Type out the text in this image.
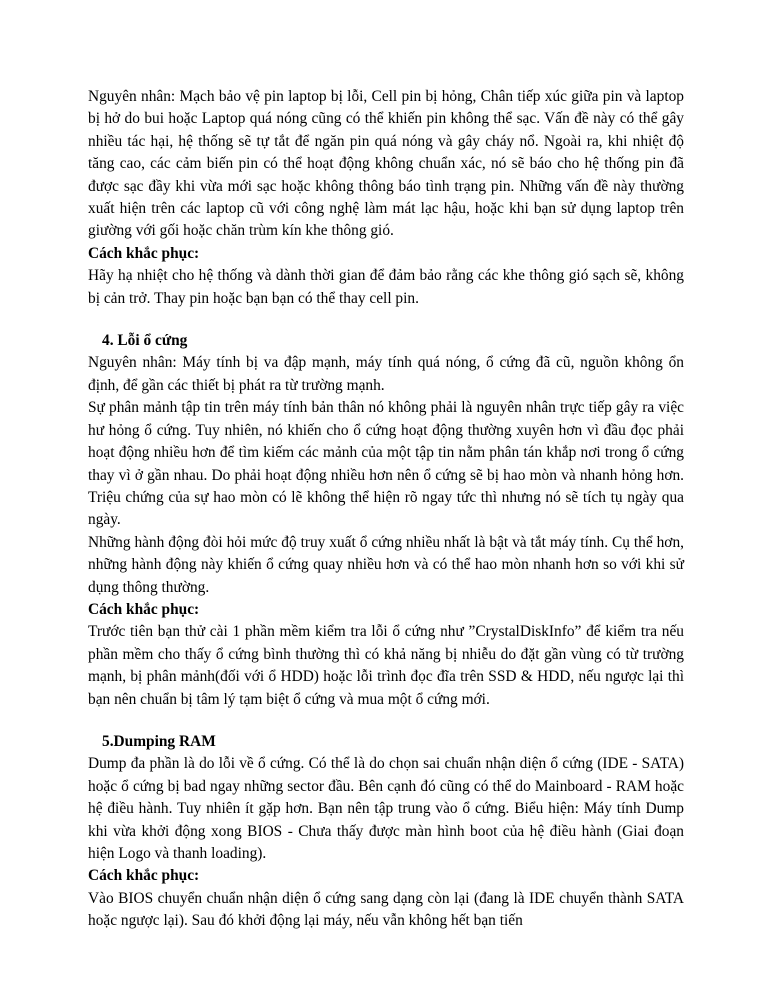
Nguyên nhân: Mạch bảo vệ pin laptop bị lỗi, Cell pin bị hỏng, Chân tiếp xúc giữa pin và laptop bị hở do bui hoặc Laptop quá nóng cũng có thể khiến pin không thể sạc. Vấn đề này có thể gây nhiều tác hại, hệ thống sẽ tự tắt để ngăn pin quá nóng và gây cháy nổ. Ngoài ra, khi nhiệt độ tăng cao, các cảm biến pin có thể hoạt động không chuẩn xác, nó sẽ báo cho hệ thống pin đã được sạc đầy khi vừa mới sạc hoặc không thông báo tình trạng pin. Những vấn đề này thường xuất hiện trên các laptop cũ với công nghệ làm mát lạc hậu, hoặc khi bạn sử dụng laptop trên giường với gối hoặc chăn trùm kín khe thông gió.

Cách khắc phục:

Hãy hạ nhiệt cho hệ thống và dành thời gian để đảm bảo rằng các khe thông gió sạch sẽ, không bị cản trở. Thay pin hoặc bạn bạn có thể thay cell pin.

4. Lỗi ổ cứng

Nguyên nhân: Máy tính bị va đập mạnh, máy tính quá nóng, ổ cứng đã cũ, nguồn không ổn định, để gần các thiết bị phát ra từ trường mạnh.

Sự phân mảnh tập tin trên máy tính bản thân nó không phải là nguyên nhân trực tiếp gây ra việc hư hỏng ổ cứng. Tuy nhiên, nó khiến cho ổ cứng hoạt động thường xuyên hơn vì đầu đọc phải hoạt động nhiều hơn để tìm kiếm các mảnh của một tập tin nằm phân tán khắp nơi trong ổ cứng thay vì ở gần nhau. Do phải hoạt động nhiều hơn nên ổ cứng sẽ bị hao mòn và nhanh hỏng hơn. Triệu chứng của sự hao mòn có lẽ không thể hiện rõ ngay tức thì nhưng nó sẽ tích tụ ngày qua ngày.

Những hành động đòi hỏi mức độ truy xuất ổ cứng nhiều nhất là bật và tắt máy tính. Cụ thể hơn, những hành động này khiến ổ cứng quay nhiều hơn và có thể hao mòn nhanh hơn so với khi sử dụng thông thường.

Cách khắc phục:

Trước tiên bạn thử cài 1 phần mềm kiểm tra lỗi ổ cứng như ”CrystalDiskInfo” để kiểm tra nếu phần mềm cho thấy ổ cứng bình thường thì có khả năng bị nhiễu do đặt gần vùng có từ trường mạnh, bị phân mảnh(đối với ổ HDD) hoặc lỗi trình đọc đĩa trên SSD & HDD, nếu ngược lại thì bạn nên chuẩn bị tâm lý tạm biệt ổ cứng và mua một ổ cứng mới.

5.Dumping RAM

Dump đa phần là do lỗi về ổ cứng. Có thể là do chọn sai chuẩn nhận diện ổ cứng (IDE - SATA) hoặc ổ cứng bị bad ngay những sector đầu. Bên cạnh đó cũng có thể do Mainboard - RAM hoặc hệ điều hành. Tuy nhiên ít gặp hơn. Bạn nên tập trung vào ổ cứng. Biểu hiện: Máy tính Dump khi vừa khởi động xong BIOS - Chưa thấy được màn hình boot của hệ điều hành (Giai đoạn hiện Logo và thanh loading).

Cách khắc phục:

Vào BIOS chuyển chuẩn nhận diện ổ cứng sang dạng còn lại (đang là IDE chuyển thành SATA hoặc ngược lại). Sau đó khởi động lại máy, nếu vẫn không hết bạn tiến
